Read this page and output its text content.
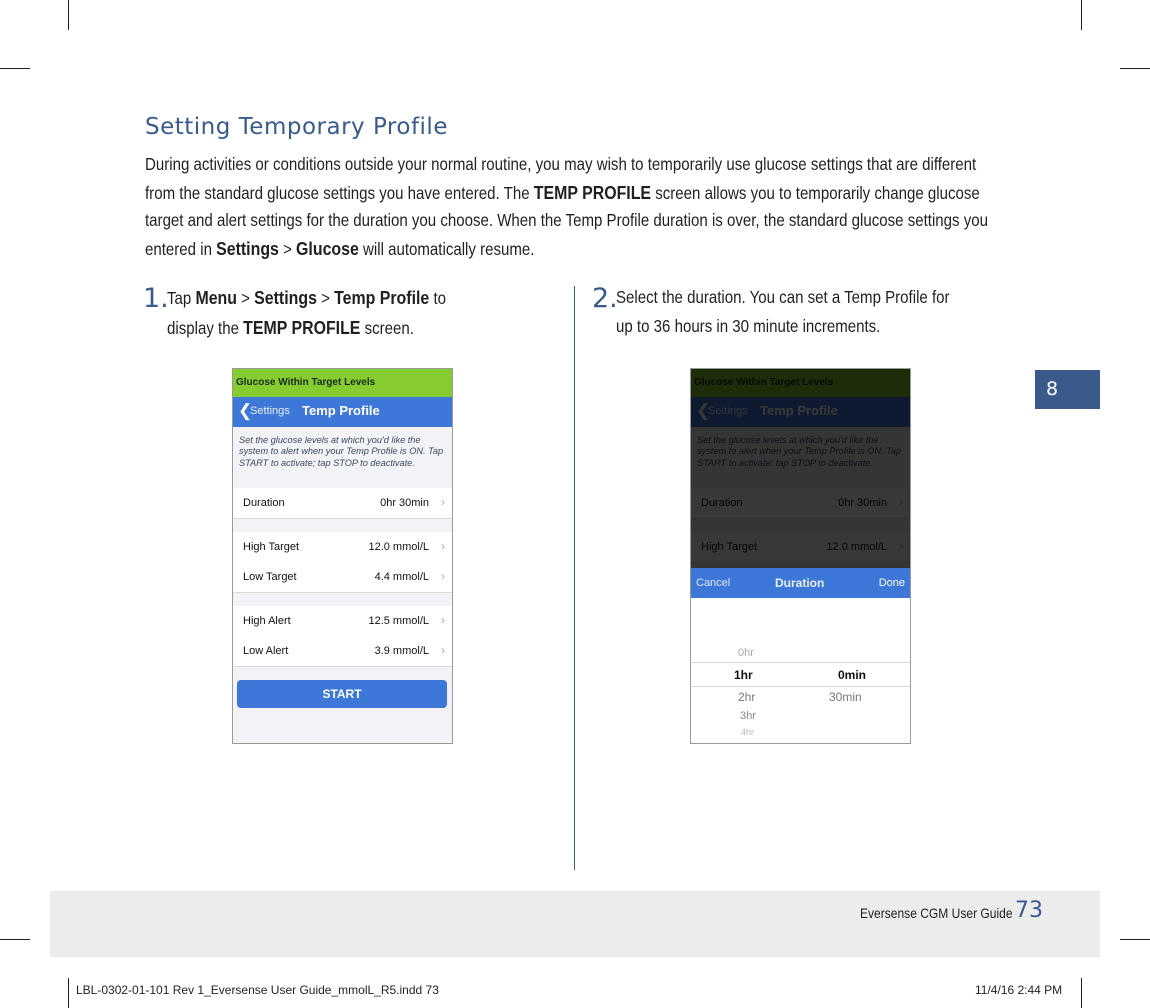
Setting Temporary Profile
During activities or conditions outside your normal routine, you may wish to temporarily use glucose settings that are different from the standard glucose settings you have entered. The TEMP PROFILE screen allows you to temporarily change glucose target and alert settings for the duration you choose. When the Temp Profile duration is over, the standard glucose settings you entered in Settings > Glucose will automatically resume.
1.
Tap Menu > Settings > Temp Profile to
display the TEMP PROFILE screen.
2.
Select the duration. You can set a Temp Profile for
up to 36 hours in 30 minute increments.
Glucose Within Target Levels
❮
Settings Temp Profile
Set the glucose levels at which you'd like the system to alert when your Temp Profile is ON. Tap START to activate; tap STOP to deactivate.
Duration	0hr 30min ›
High Target	12.0 mmol/L ›
Low Target	4.4 mmol/L ›
High Alert	12.5 mmol/L ›
Low Alert	3.9 mmol/L ›
START
Cancel	Duration	Done
0hr
1hr
2hr
3hr
4hr
0min
30min
8
Eversense CGM User Guide 73
LBL-0302-01-101 Rev 1_Eversense User Guide_mmolL_R5.indd 73	11/4/16 2:44 PM
